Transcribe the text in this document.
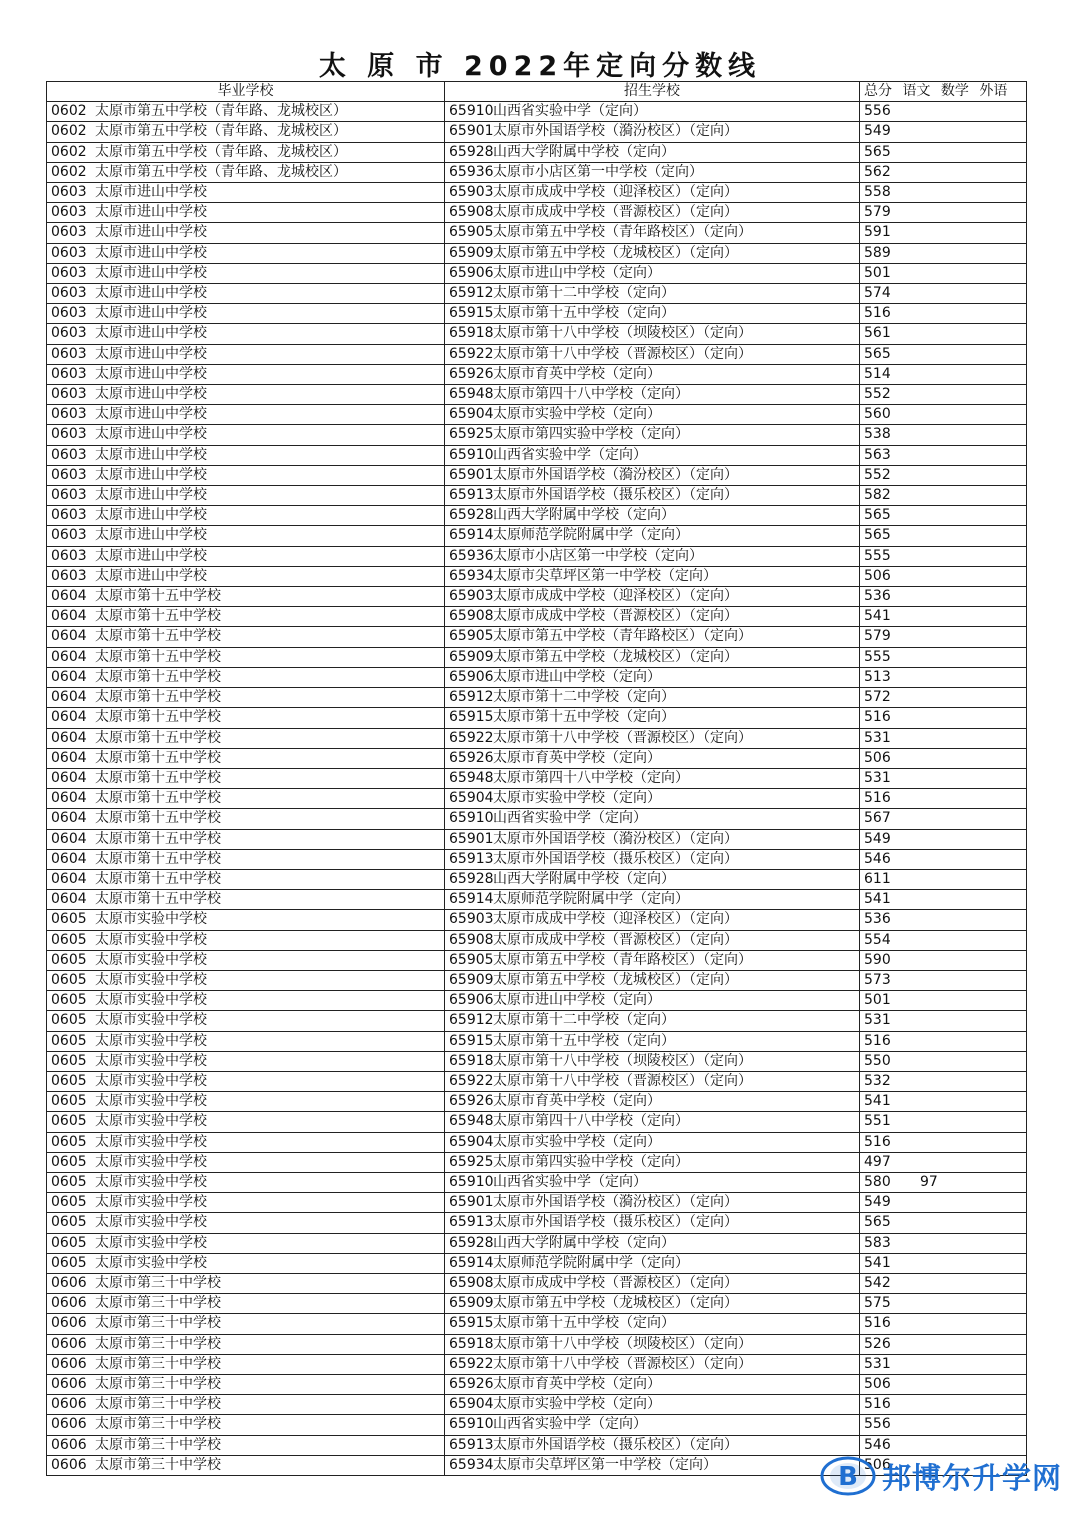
太 原 市 2022年定向分数线
毕业学校	招生学校	总分 语文 数学 外语
0602 太原市第五中学校（青年路、龙城校区）	65910山西省实验中学（定向）	556
0602 太原市第五中学校（青年路、龙城校区）	65901太原市外国语学校（漪汾校区）（定向）	549
0602 太原市第五中学校（青年路、龙城校区）	65928山西大学附属中学校（定向）	565
0602 太原市第五中学校（青年路、龙城校区）	65936太原市小店区第一中学校（定向）	562
0603 太原市进山中学校	65903太原市成成中学校（迎泽校区）（定向）	558
0603 太原市进山中学校	65908太原市成成中学校（晋源校区）（定向）	579
0603 太原市进山中学校	65905太原市第五中学校（青年路校区）（定向）	591
0603 太原市进山中学校	65909太原市第五中学校（龙城校区）（定向）	589
0603 太原市进山中学校	65906太原市进山中学校（定向）	501
0603 太原市进山中学校	65912太原市第十二中学校（定向）	574
0603 太原市进山中学校	65915太原市第十五中学校（定向）	516
0603 太原市进山中学校	65918太原市第十八中学校（坝陵校区）（定向）	561
0603 太原市进山中学校	65922太原市第十八中学校（晋源校区）（定向）	565
0603 太原市进山中学校	65926太原市育英中学校（定向）	514
0603 太原市进山中学校	65948太原市第四十八中学校（定向）	552
0603 太原市进山中学校	65904太原市实验中学校（定向）	560
0603 太原市进山中学校	65925太原市第四实验中学校（定向）	538
0603 太原市进山中学校	65910山西省实验中学（定向）	563
0603 太原市进山中学校	65901太原市外国语学校（漪汾校区）（定向）	552
0603 太原市进山中学校	65913太原市外国语学校（摄乐校区）（定向）	582
0603 太原市进山中学校	65928山西大学附属中学校（定向）	565
0603 太原市进山中学校	65914太原师范学院附属中学（定向）	565
0603 太原市进山中学校	65936太原市小店区第一中学校（定向）	555
0603 太原市进山中学校	65934太原市尖草坪区第一中学校（定向）	506
0604 太原市第十五中学校	65903太原市成成中学校（迎泽校区）（定向）	536
0604 太原市第十五中学校	65908太原市成成中学校（晋源校区）（定向）	541
0604 太原市第十五中学校	65905太原市第五中学校（青年路校区）（定向）	579
0604 太原市第十五中学校	65909太原市第五中学校（龙城校区）（定向）	555
0604 太原市第十五中学校	65906太原市进山中学校（定向）	513
0604 太原市第十五中学校	65912太原市第十二中学校（定向）	572
0604 太原市第十五中学校	65915太原市第十五中学校（定向）	516
0604 太原市第十五中学校	65922太原市第十八中学校（晋源校区）（定向）	531
0604 太原市第十五中学校	65926太原市育英中学校（定向）	506
0604 太原市第十五中学校	65948太原市第四十八中学校（定向）	531
0604 太原市第十五中学校	65904太原市实验中学校（定向）	516
0604 太原市第十五中学校	65910山西省实验中学（定向）	567
0604 太原市第十五中学校	65901太原市外国语学校（漪汾校区）（定向）	549
0604 太原市第十五中学校	65913太原市外国语学校（摄乐校区）（定向）	546
0604 太原市第十五中学校	65928山西大学附属中学校（定向）	611
0604 太原市第十五中学校	65914太原师范学院附属中学（定向）	541
0605 太原市实验中学校	65903太原市成成中学校（迎泽校区）（定向）	536
0605 太原市实验中学校	65908太原市成成中学校（晋源校区）（定向）	554
0605 太原市实验中学校	65905太原市第五中学校（青年路校区）（定向）	590
0605 太原市实验中学校	65909太原市第五中学校（龙城校区）（定向）	573
0605 太原市实验中学校	65906太原市进山中学校（定向）	501
0605 太原市实验中学校	65912太原市第十二中学校（定向）	531
0605 太原市实验中学校	65915太原市第十五中学校（定向）	516
0605 太原市实验中学校	65918太原市第十八中学校（坝陵校区）（定向）	550
0605 太原市实验中学校	65922太原市第十八中学校（晋源校区）（定向）	532
0605 太原市实验中学校	65926太原市育英中学校（定向）	541
0605 太原市实验中学校	65948太原市第四十八中学校（定向）	551
0605 太原市实验中学校	65904太原市实验中学校（定向）	516
0605 太原市实验中学校	65925太原市第四实验中学校（定向）	497
0605 太原市实验中学校	65910山西省实验中学（定向）	580 97
0605 太原市实验中学校	65901太原市外国语学校（漪汾校区）（定向）	549
0605 太原市实验中学校	65913太原市外国语学校（摄乐校区）（定向）	565
0605 太原市实验中学校	65928山西大学附属中学校（定向）	583
0605 太原市实验中学校	65914太原师范学院附属中学（定向）	541
0606 太原市第三十中学校	65908太原市成成中学校（晋源校区）（定向）	542
0606 太原市第三十中学校	65909太原市第五中学校（龙城校区）（定向）	575
0606 太原市第三十中学校	65915太原市第十五中学校（定向）	516
0606 太原市第三十中学校	65918太原市第十八中学校（坝陵校区）（定向）	526
0606 太原市第三十中学校	65922太原市第十八中学校（晋源校区）（定向）	531
0606 太原市第三十中学校	65926太原市育英中学校（定向）	506
0606 太原市第三十中学校	65904太原市实验中学校（定向）	516
0606 太原市第三十中学校	65910山西省实验中学（定向）	556
0606 太原市第三十中学校	65913太原市外国语学校（摄乐校区）（定向）	546
0606 太原市第三十中学校	65934太原市尖草坪区第一中学校（定向）	506
B 邦博尔升学网
